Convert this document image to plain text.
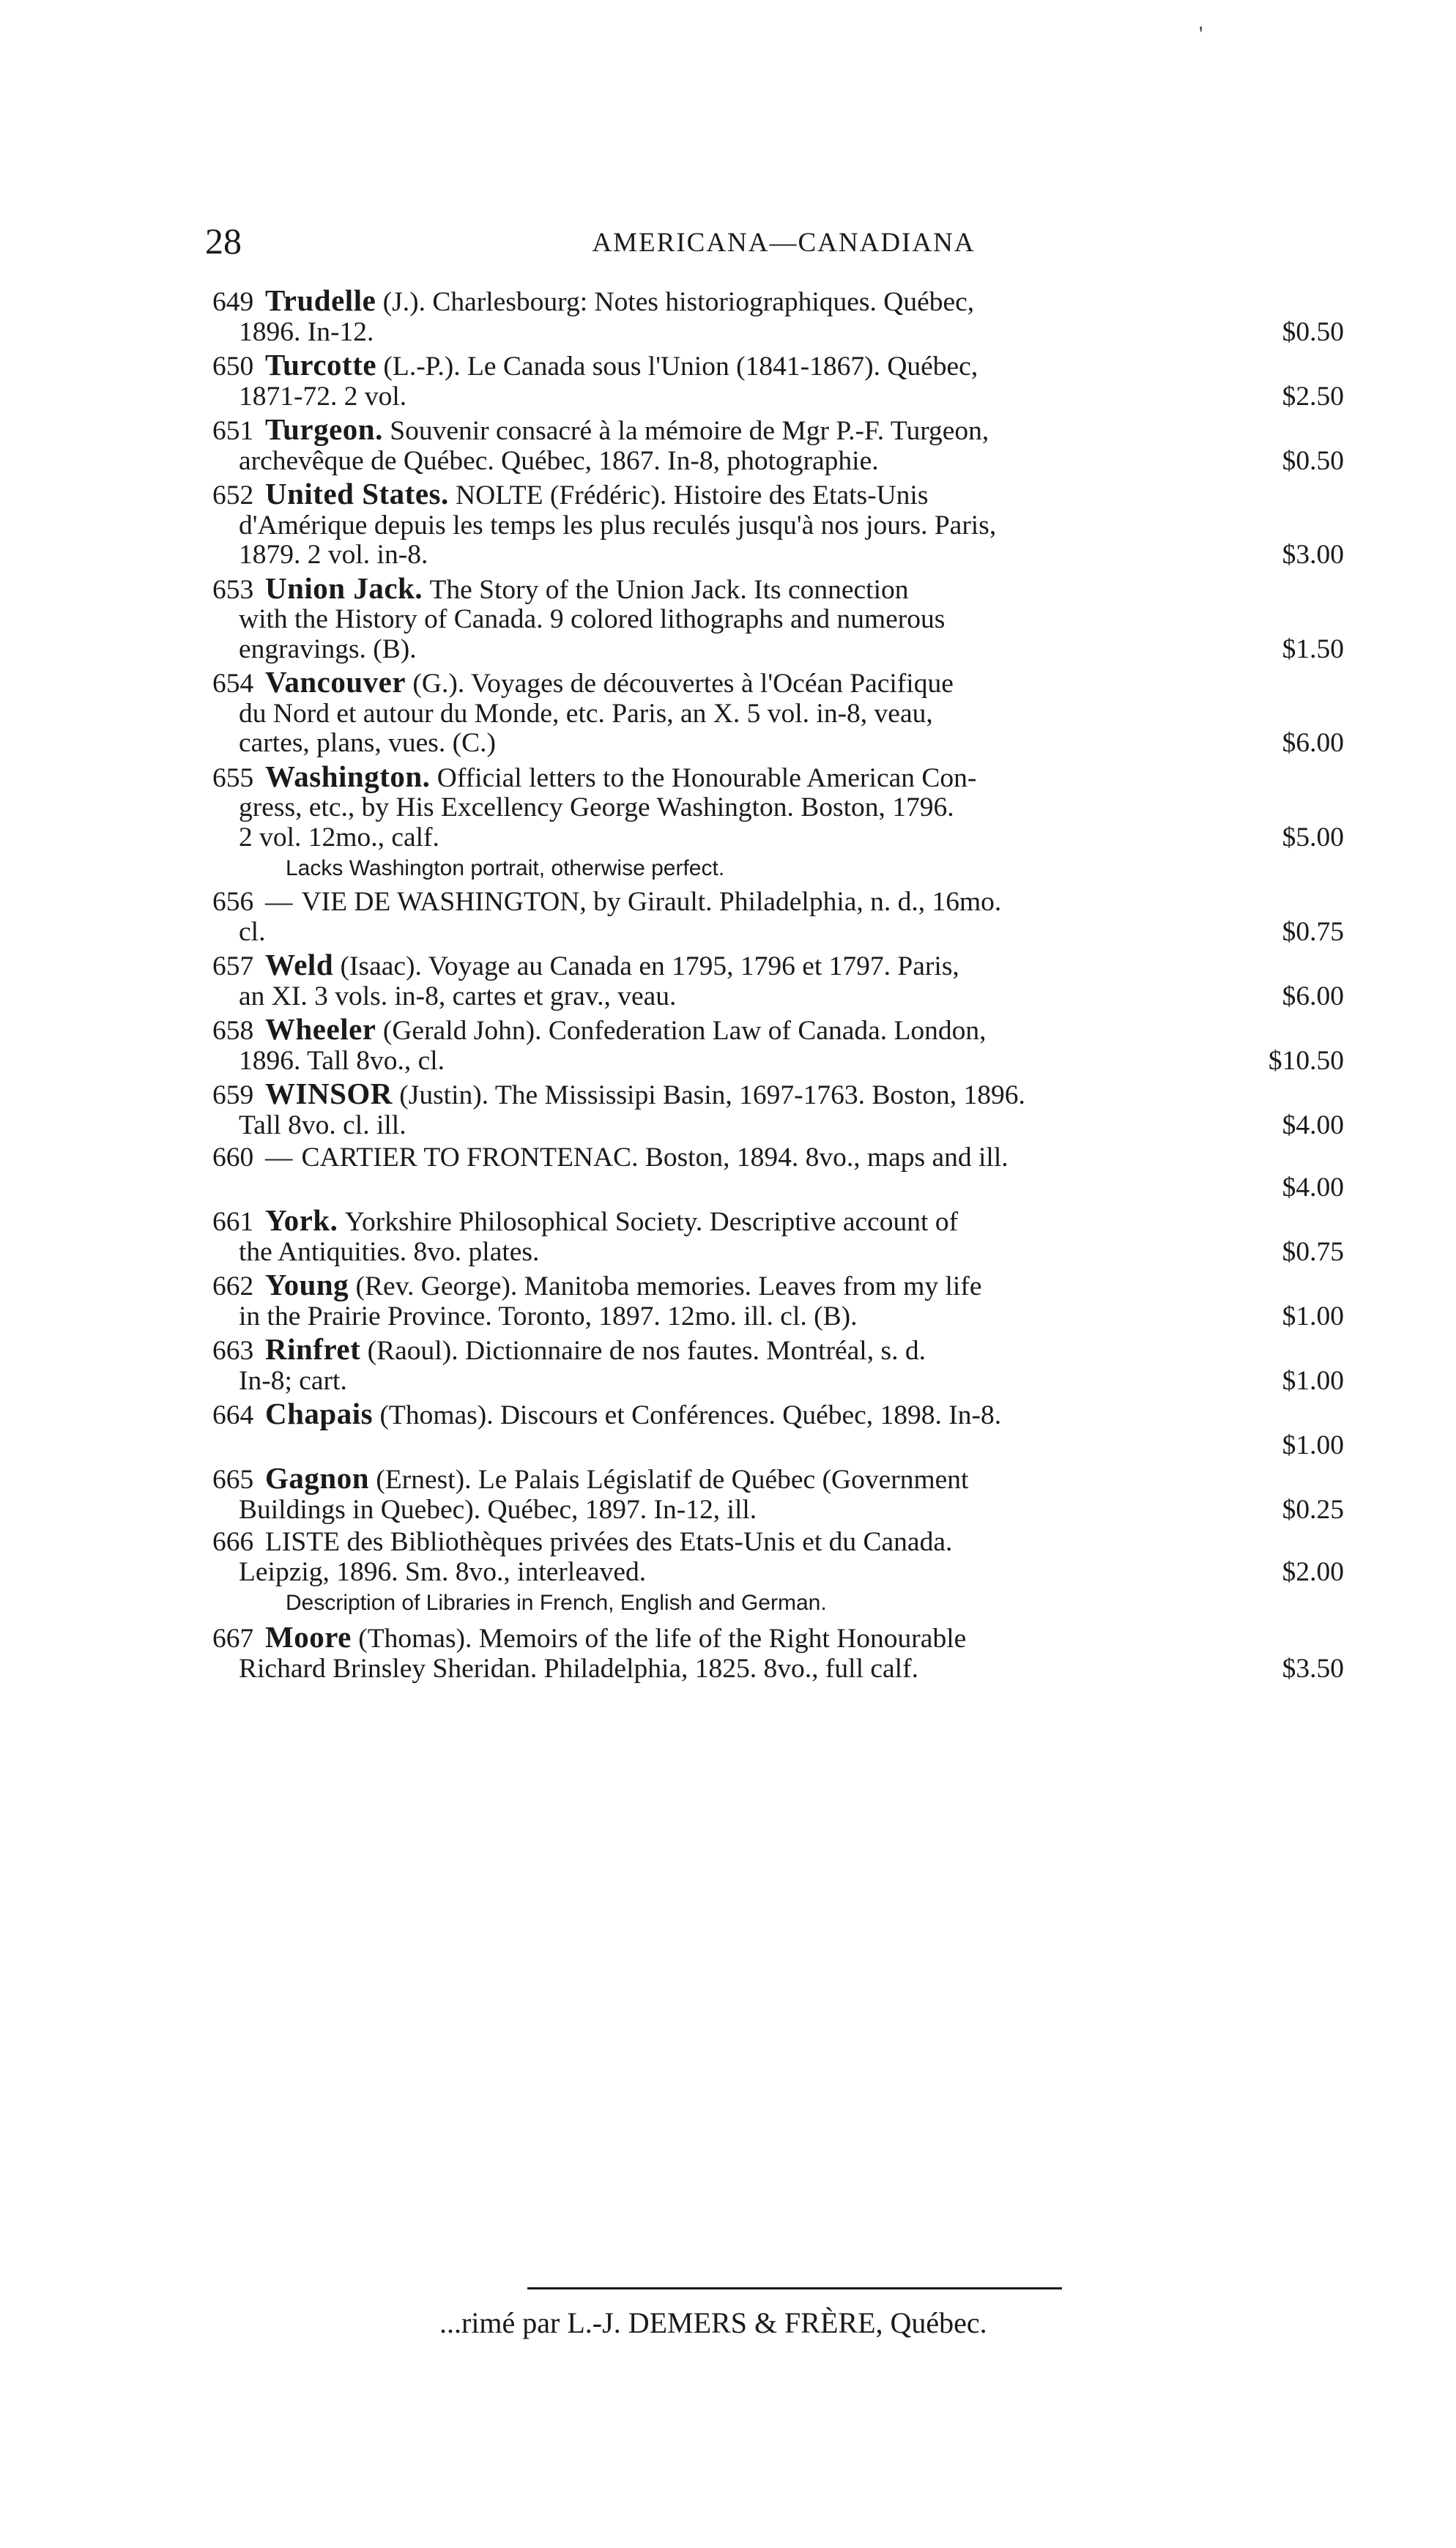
'
28	AMERICANA—CANADIANA
649 Trudelle
(J.). Charlesbourg: Notes historiographiques. Québec,
1896. In-12.	$0.50
650 Turcotte
(L.-P.). Le Canada sous l'Union (1841-1867). Québec,
1871-72. 2 vol.	$2.50
651 Turgeon.
Souvenir consacré à la mémoire de Mgr P.-F. Turgeon,
archevêque de Québec. Québec, 1867. In-8, photographie.	$0.50
652 United States.
NOLTE (Frédéric). Histoire des Etats-Unis
d'Amérique depuis les temps les plus reculés jusqu'à nos jours. Paris,
1879. 2 vol. in-8.	$3.00
653 Union Jack.
The Story of the Union Jack. Its connection
with the History of Canada. 9 colored lithographs and numerous
engravings. (B).	$1.50
654 Vancouver
(G.). Voyages de découvertes à l'Océan Pacifique
du Nord et autour du Monde, etc. Paris, an X. 5 vol. in-8, veau,
cartes, plans, vues. (C.)	$6.00
655 Washington.
Official letters to the Honourable American Con-
gress, etc., by His Excellency George Washington. Boston, 1796.
2 vol. 12mo., calf.	$5.00
Lacks Washington portrait, otherwise perfect.
656 — VIE DE WASHINGTON, by Girault. Philadelphia, n. d., 16mo.
cl.	$0.75
657 Weld
(Isaac). Voyage au Canada en 1795, 1796 et 1797. Paris,
an XI. 3 vols. in-8, cartes et grav., veau.	$6.00
658 Wheeler
(Gerald John). Confederation Law of Canada. London,
1896. Tall 8vo., cl.	$10.50
659 WINSOR
(Justin). The Mississipi Basin, 1697-1763. Boston, 1896.
Tall 8vo. cl. ill.	$4.00
660 — CARTIER TO FRONTENAC. Boston, 1894. 8vo., maps and ill.
$4.00
661 York.
Yorkshire Philosophical Society. Descriptive account of
the Antiquities. 8vo. plates.	$0.75
662 Young
(Rev. George). Manitoba memories. Leaves from my life
in the Prairie Province. Toronto, 1897. 12mo. ill. cl. (B).	$1.00
663 Rinfret
(Raoul). Dictionnaire de nos fautes. Montréal, s. d.
In-8; cart.	$1.00
664 Chapais
(Thomas). Discours et Conférences. Québec, 1898. In-8.
$1.00
665 Gagnon
(Ernest). Le Palais Législatif de Québec (Government
Buildings in Quebec). Québec, 1897. In-12, ill.	$0.25
666 LISTE des Bibliothèques privées des Etats-Unis et du Canada.
Leipzig, 1896. Sm. 8vo., interleaved.	$2.00
Description of Libraries in French, English and German.
667 Moore
(Thomas). Memoirs of the life of the Right Honourable
Richard Brinsley Sheridan. Philadelphia, 1825. 8vo., full calf.	$3.50
...rimé par L.-J. DEMERS & FRÈRE, Québec.
